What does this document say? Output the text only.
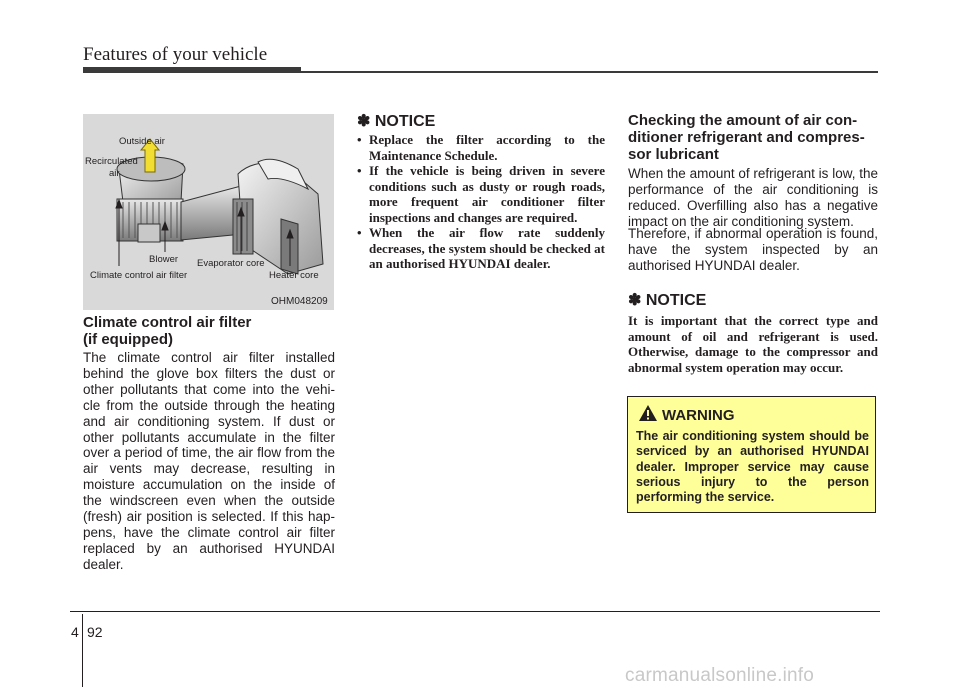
Features of your vehicle
Outside air
Recirculated
air
Blower Evaporator core
Climate control air filter	Heater core
OHM048209
Climate control air filter
(if equipped)

The climate control air filter installed behind the glove box filters the dust or other pollutants that come into the vehi-cle from the outside through the heating and air conditioning system. If dust or other pollutants accumulate in the filter over a period of time, the air flow from the air vents may decrease, resulting in moisture accumulation on the inside of the windscreen even when the outside (fresh) air position is selected. If this hap-pens, have the climate control air filter replaced by an authorised HYUNDAI dealer.

✽ NOTICE
• Replace the filter according to the Maintenance Schedule.
• If the vehicle is being driven in severe conditions such as dusty or rough roads, more frequent air conditioner filter inspections and changes are required.
• When the air flow rate suddenly decreases, the system should be checked at an authorised HYUNDAI dealer.
Checking the amount of air con-ditioner refrigerant and compres-sor lubricant

When the amount of refrigerant is low, the performance of the air conditioning is reduced. Overfilling also has a negative impact on the air conditioning system.

Therefore, if abnormal operation is found, have the system inspected by an authorised HYUNDAI dealer.

✽ NOTICE

It is important that the correct type and amount of oil and refrigerant is used. Otherwise, damage to the compressor and abnormal system operation may occur.

WARNING

The air conditioning system should be serviced by an authorised HYUNDAI dealer. Improper service may cause serious injury to the person performing the service.

4 92
carmanualsonline.info
